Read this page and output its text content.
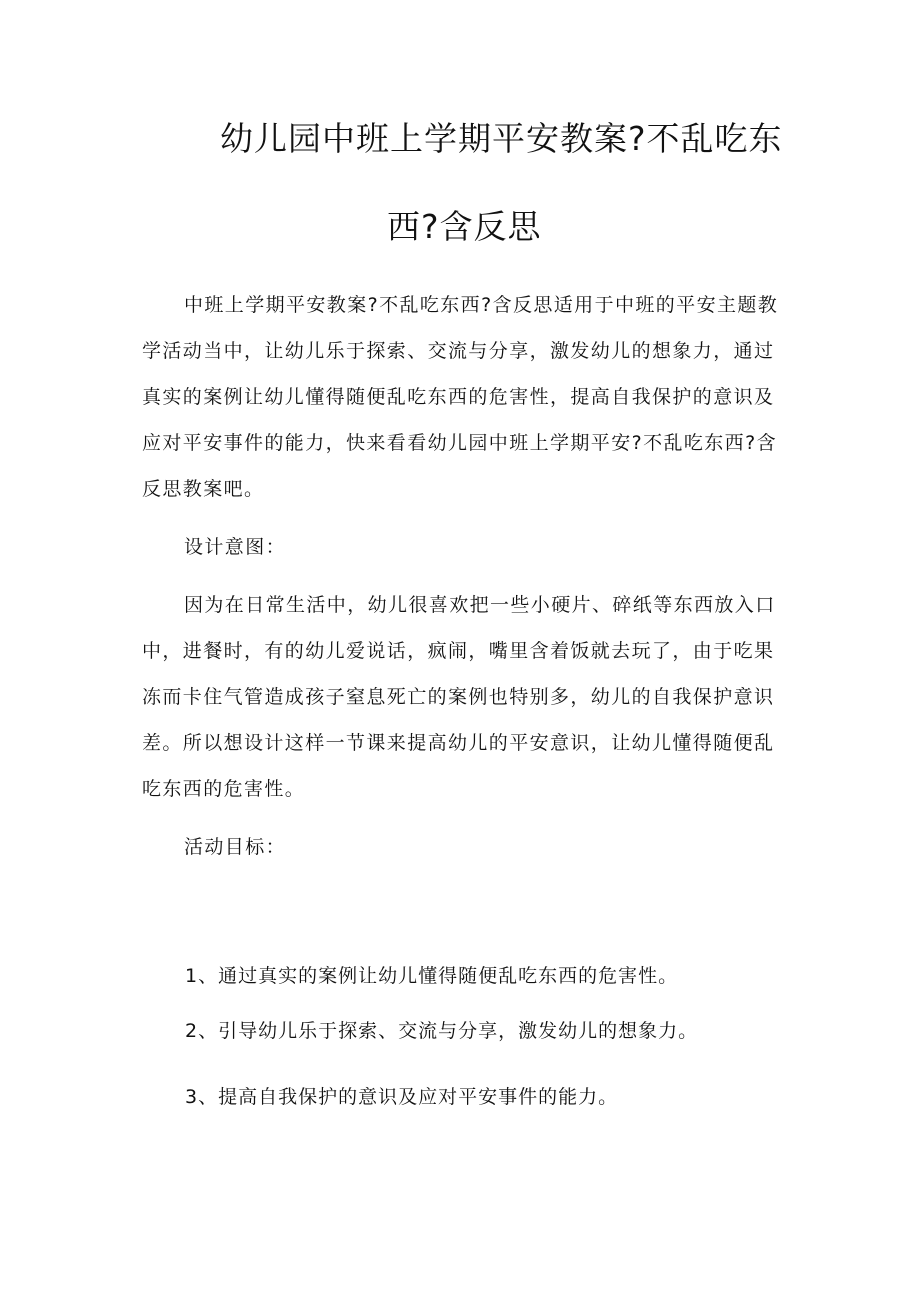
幼儿园中班上学期平安教案?不乱吃东
西?含反思

中班上学期平安教案?不乱吃东西?含反思适用于中班的平安主题教学活动当中，让幼儿乐于探索、交流与分享，激发幼儿的想象力，通过真实的案例让幼儿懂得随便乱吃东西的危害性，提高自我保护的意识及应对平安事件的能力，快来看看幼儿园中班上学期平安?不乱吃东西?含反思教案吧。

设计意图：

因为在日常生活中，幼儿很喜欢把一些小硬片、碎纸等东西放入口中，进餐时，有的幼儿爱说话，疯闹，嘴里含着饭就去玩了，由于吃果冻而卡住气管造成孩子窒息死亡的案例也特别多，幼儿的自我保护意识差。所以想设计这样一节课来提高幼儿的平安意识，让幼儿懂得随便乱吃东西的危害性。

活动目标：

1、通过真实的案例让幼儿懂得随便乱吃东西的危害性。

2、引导幼儿乐于探索、交流与分享，激发幼儿的想象力。

3、提高自我保护的意识及应对平安事件的能力。
